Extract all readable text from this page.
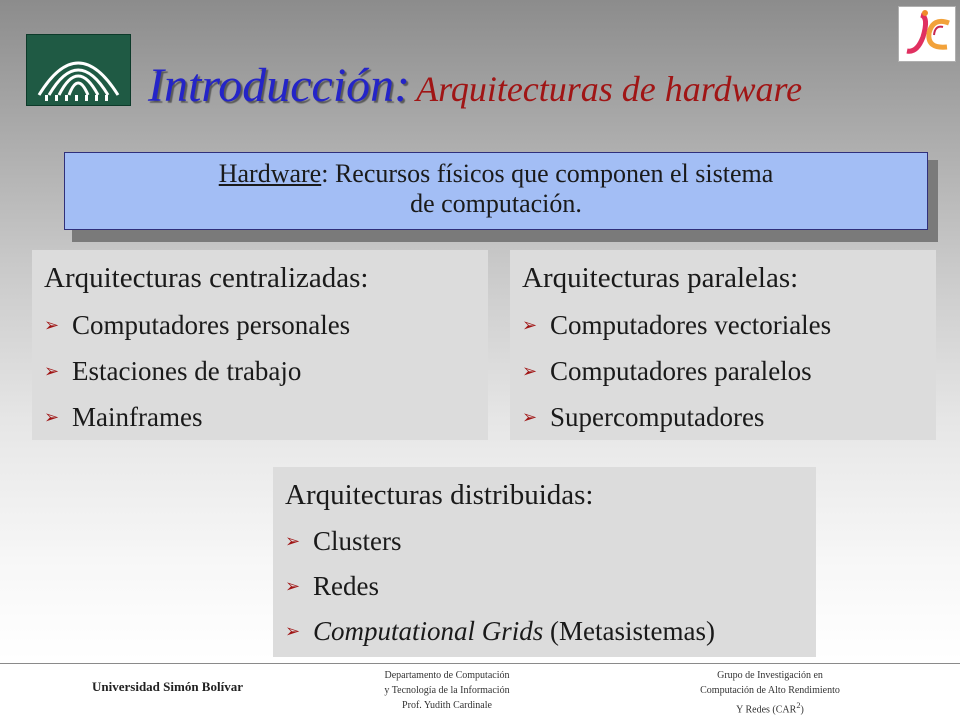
Introducción: Arquitecturas de hardware
Hardware: Recursos físicos que componen el sistema
de computación.
Arquitecturas centralizadas:
➢ Computadores personales
➢ Estaciones de trabajo
➢ Mainframes
Arquitecturas paralelas:
➢ Computadores vectoriales
➢ Computadores paralelos
➢ Supercomputadores
Arquitecturas distribuidas:
➢ Clusters
➢ Redes
➢ Computational Grids (Metasistemas)
Universidad Simón Bolívar
Departamento de Computación
y Tecnología de la Información
Prof. Yudith Cardinale
Grupo de Investigación en
Computación de Alto Rendimiento
Y Redes (CAR$^2$)
